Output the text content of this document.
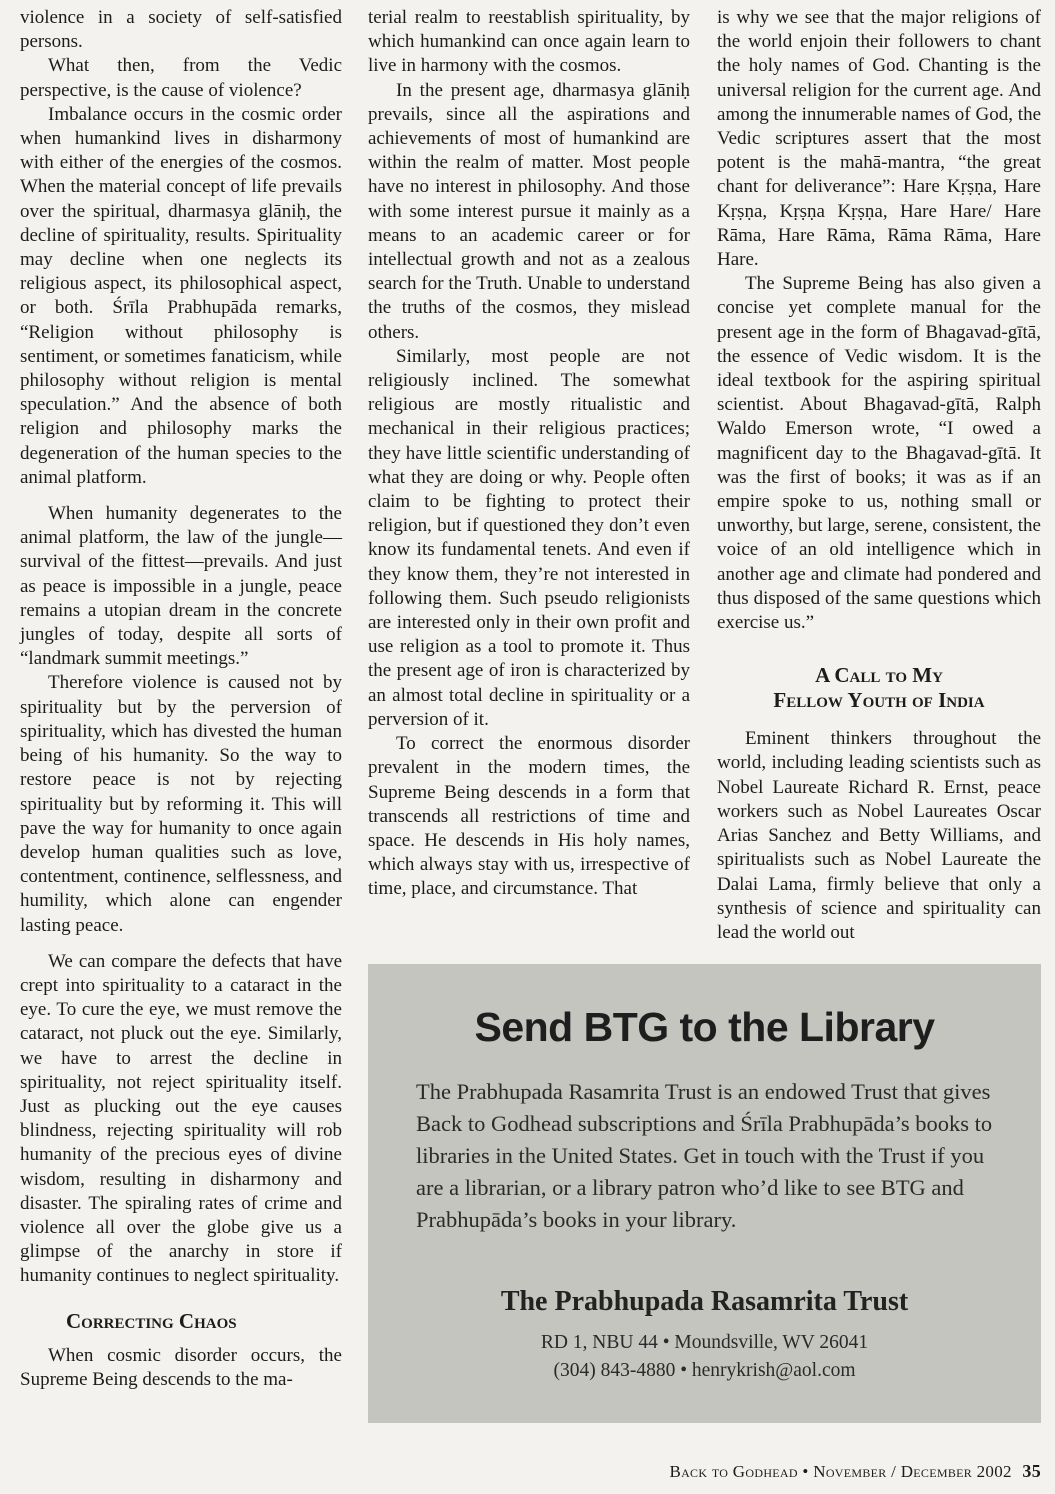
violence in a society of self-satisfied persons.

What then, from the Vedic perspective, is the cause of violence?

Imbalance occurs in the cosmic order when humankind lives in disharmony with either of the energies of the cosmos. When the material concept of life prevails over the spiritual, dharmasya glāniḥ, the decline of spirituality, results. Spirituality may decline when one neglects its religious aspect, its philosophical aspect, or both. Śrīla Prabhupāda remarks, “Religion without philosophy is sentiment, or sometimes fanaticism, while philosophy without religion is mental speculation.” And the absence of both religion and philosophy marks the degeneration of the human species to the animal platform.

When humanity degenerates to the animal platform, the law of the jungle—survival of the fittest—prevails. And just as peace is impossible in a jungle, peace remains a utopian dream in the concrete jungles of today, despite all sorts of “landmark summit meetings.”

Therefore violence is caused not by spirituality but by the perversion of spirituality, which has divested the human being of his humanity. So the way to restore peace is not by rejecting spirituality but by reforming it. This will pave the way for humanity to once again develop human qualities such as love, contentment, continence, selflessness, and humility, which alone can engender lasting peace.

We can compare the defects that have crept into spirituality to a cataract in the eye. To cure the eye, we must remove the cataract, not pluck out the eye. Similarly, we have to arrest the decline in spirituality, not reject spirituality itself. Just as plucking out the eye causes blindness, rejecting spirituality will rob humanity of the precious eyes of divine wisdom, resulting in disharmony and disaster. The spiraling rates of crime and violence all over the globe give us a glimpse of the anarchy in store if humanity continues to neglect spirituality.

Correcting Chaos

When cosmic disorder occurs, the Supreme Being descends to the ma-

terial realm to reestablish spirituality, by which humankind can once again learn to live in harmony with the cosmos.

In the present age, dharmasya glāniḥ prevails, since all the aspirations and achievements of most of humankind are within the realm of matter. Most people have no interest in philosophy. And those with some interest pursue it mainly as a means to an academic career or for intellectual growth and not as a zealous search for the Truth. Unable to understand the truths of the cosmos, they mislead others.

Similarly, most people are not religiously inclined. The somewhat religious are mostly ritualistic and mechanical in their religious practices; they have little scientific understanding of what they are doing or why. People often claim to be fighting to protect their religion, but if questioned they don’t even know its fundamental tenets. And even if they know them, they’re not interested in following them. Such pseudo religionists are interested only in their own profit and use religion as a tool to promote it. Thus the present age of iron is characterized by an almost total decline in spirituality or a perversion of it.

To correct the enormous disorder prevalent in the modern times, the Supreme Being descends in a form that transcends all restrictions of time and space. He descends in His holy names, which always stay with us, irrespective of time, place, and circumstance. That

is why we see that the major religions of the world enjoin their followers to chant the holy names of God. Chanting is the universal religion for the current age. And among the innumerable names of God, the Vedic scriptures assert that the most potent is the mahā-mantra, “the great chant for deliverance”: Hare Kṛṣṇa, Hare Kṛṣṇa, Kṛṣṇa Kṛṣṇa, Hare Hare/ Hare Rāma, Hare Rāma, Rāma Rāma, Hare Hare.

The Supreme Being has also given a concise yet complete manual for the present age in the form of Bhagavad-gītā, the essence of Vedic wisdom. It is the ideal textbook for the aspiring spiritual scientist. About Bhagavad-gītā, Ralph Waldo Emerson wrote, “I owed a magnificent day to the Bhagavad-gītā. It was the first of books; it was as if an empire spoke to us, nothing small or unworthy, but large, serene, consistent, the voice of an old intelligence which in another age and climate had pondered and thus disposed of the same questions which exercise us.”

A Call to My
Fellow Youth of India

Eminent thinkers throughout the world, including leading scientists such as Nobel Laureate Richard R. Ernst, peace workers such as Nobel Laureates Oscar Arias Sanchez and Betty Williams, and spiritualists such as Nobel Laureate the Dalai Lama, firmly believe that only a synthesis of science and spirituality can lead the world out

Send BTG to the Library
The Prabhupada Rasamrita Trust is an endowed Trust that gives Back to Godhead subscriptions and Śrīla Prabhupāda’s books to libraries in the United States. Get in touch with the Trust if you are a librarian, or a library patron who’d like to see BTG and Prabhupāda’s books in your library.
The Prabhupada Rasamrita Trust
RD 1, NBU 44 • Moundsville, WV 26041
(304) 843-4880 • henrykrish@aol.com
Back to Godhead • November / December 2002 35
